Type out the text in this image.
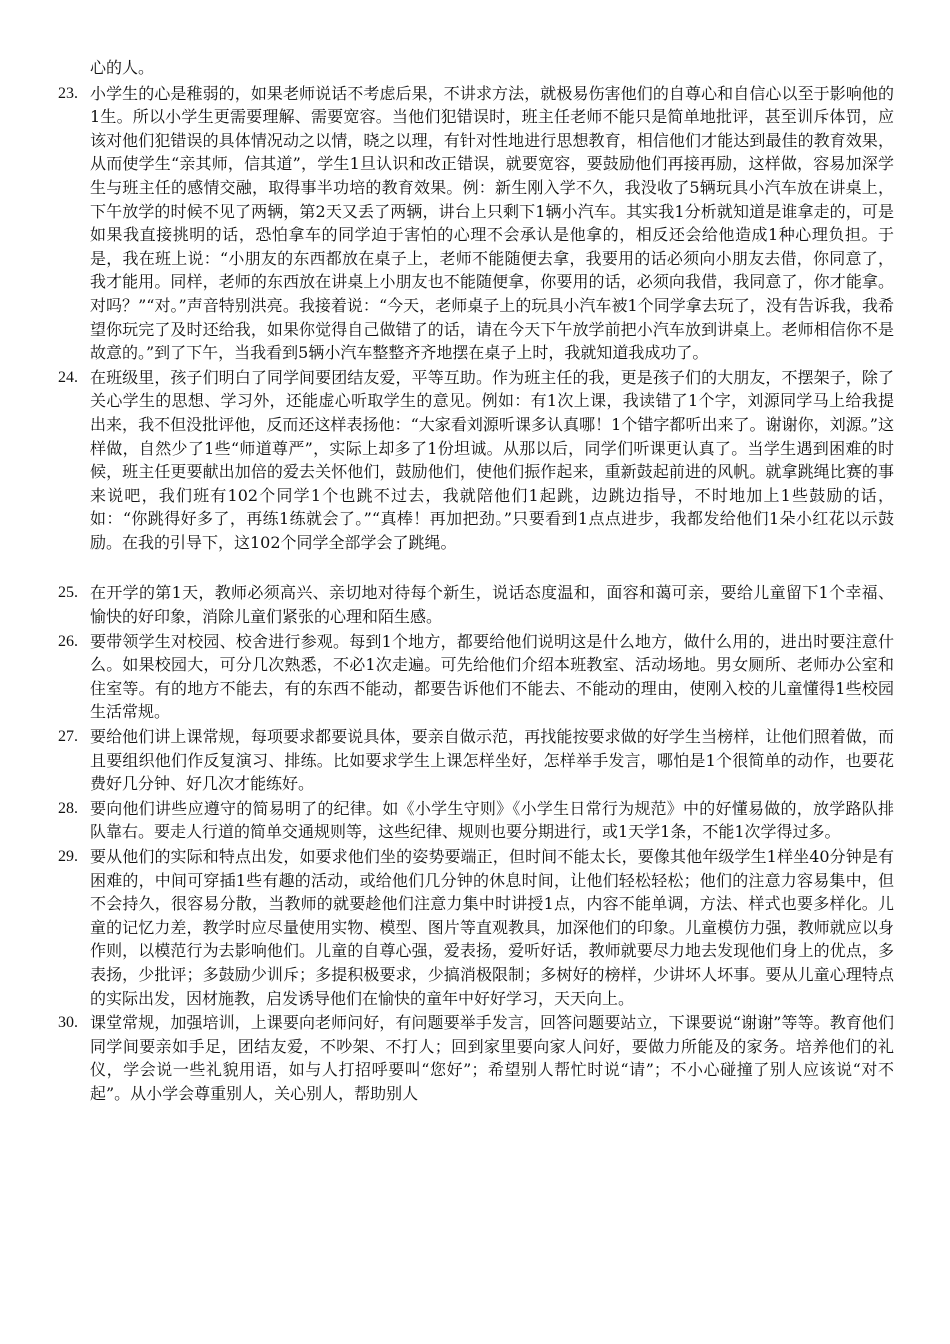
心的人。

23. 小学生的心是稚弱的，如果老师说话不考虑后果，不讲求方法，就极易伤害他们的自尊心和自信心以至于影响他的1生。所以小学生更需要理解、需要宽容。当他们犯错误时，班主任老师不能只是简单地批评，甚至训斥体罚，应该对他们犯错误的具体情况动之以情，晓之以理，有针对性地进行思想教育，相信他们才能达到最佳的教育效果，从而使学生“亲其师，信其道”，学生1旦认识和改正错误，就要宽容，要鼓励他们再接再励，这样做，容易加深学生与班主任的感情交融，取得事半功培的教育效果。例：新生刚入学不久，我没收了5辆玩具小汽车放在讲桌上，下午放学的时候不见了两辆，第2天又丢了两辆，讲台上只剩下1辆小汽车。其实我1分析就知道是谁拿走的，可是如果我直接挑明的话，恐怕拿车的同学迫于害怕的心理不会承认是他拿的，相反还会给他造成1种心理负担。于是，我在班上说：“小朋友的东西都放在桌子上，老师不能随便去拿，我要用的话必须向小朋友去借，你同意了，我才能用。同样，老师的东西放在讲桌上小朋友也不能随便拿，你要用的话，必须向我借，我同意了，你才能拿。对吗？”“对。”声音特别洪亮。我接着说：“今天，老师桌子上的玩具小汽车被1个同学拿去玩了，没有告诉我，我希望你玩完了及时还给我，如果你觉得自己做错了的话，请在今天下午放学前把小汽车放到讲桌上。老师相信你不是故意的。”到了下午，当我看到5辆小汽车整整齐齐地摆在桌子上时，我就知道我成功了。
24. 在班级里，孩子们明白了同学间要团结友爱，平等互助。作为班主任的我，更是孩子们的大朋友，不摆架子，除了关心学生的思想、学习外，还能虚心听取学生的意见。例如：有1次上课，我读错了1个字，刘源同学马上给我提出来，我不但没批评他，反而还这样表扬他：“大家看刘源听课多认真哪！1个错字都听出来了。谢谢你，刘源。”这样做，自然少了1些“师道尊严”，实际上却多了1份坦诚。从那以后，同学们听课更认真了。当学生遇到困难的时候，班主任更要献出加倍的爱去关怀他们，鼓励他们，使他们振作起来，重新鼓起前进的风帆。就拿跳绳比赛的事来说吧，我们班有102个同学1个也跳不过去，我就陪他们1起跳，边跳边指导，不时地加上1些鼓励的话，如：“你跳得好多了，再练1练就会了。”“真棒！再加把劲。”只要看到1点点进步，我都发给他们1朵小红花以示鼓励。在我的引导下，这102个同学全部学会了跳绳。
25. 在开学的第1天，教师必须高兴、亲切地对待每个新生，说话态度温和，面容和蔼可亲，要给儿童留下1个幸福、愉快的好印象，消除儿童们紧张的心理和陌生感。
26. 要带领学生对校园、校舍进行参观。每到1个地方，都要给他们说明这是什么地方，做什么用的，进出时要注意什么。如果校园大，可分几次熟悉，不必1次走遍。可先给他们介绍本班教室、活动场地。男女厕所、老师办公室和住室等。有的地方不能去，有的东西不能动，都要告诉他们不能去、不能动的理由，使刚入校的儿童懂得1些校园生活常规。
27. 要给他们讲上课常规，每项要求都要说具体，要亲自做示范，再找能按要求做的好学生当榜样，让他们照着做，而且要组织他们作反复演习、排练。比如要求学生上课怎样坐好，怎样举手发言，哪怕是1个很简单的动作，也要花费好几分钟、好几次才能练好。
28. 要向他们讲些应遵守的简易明了的纪律。如《小学生守则》《小学生日常行为规范》中的好懂易做的，放学路队排队靠右。要走人行道的简单交通规则等，这些纪律、规则也要分期进行，或1天学1条，不能1次学得过多。
29. 要从他们的实际和特点出发，如要求他们坐的姿势要端正，但时间不能太长，要像其他年级学生1样坐40分钟是有困难的，中间可穿插1些有趣的活动，或给他们几分钟的休息时间，让他们轻松轻松；他们的注意力容易集中，但不会持久，很容易分散，当教师的就要趁他们注意力集中时讲授1点，内容不能单调，方法、样式也要多样化。儿童的记忆力差，教学时应尽量使用实物、模型、图片等直观教具，加深他们的印象。儿童模仿力强，教师就应以身作则，以模范行为去影响他们。儿童的自尊心强，爱表扬，爱听好话，教师就要尽力地去发现他们身上的优点，多表扬，少批评；多鼓励少训斥；多提积极要求，少搞消极限制；多树好的榜样，少讲坏人坏事。要从儿童心理特点的实际出发，因材施教，启发诱导他们在愉快的童年中好好学习，天天向上。
30. 课堂常规，加强培训，上课要向老师问好，有问题要举手发言，回答问题要站立，下课要说“谢谢”等等。教育他们同学间要亲如手足，团结友爱，不吵架、不打人；回到家里要向家人问好，要做力所能及的家务。培养他们的礼仪，学会说一些礼貌用语，如与人打招呼要叫“您好”；希望别人帮忙时说“请”；不小心碰撞了别人应该说“对不起”。从小学会尊重别人，关心别人，帮助别人
